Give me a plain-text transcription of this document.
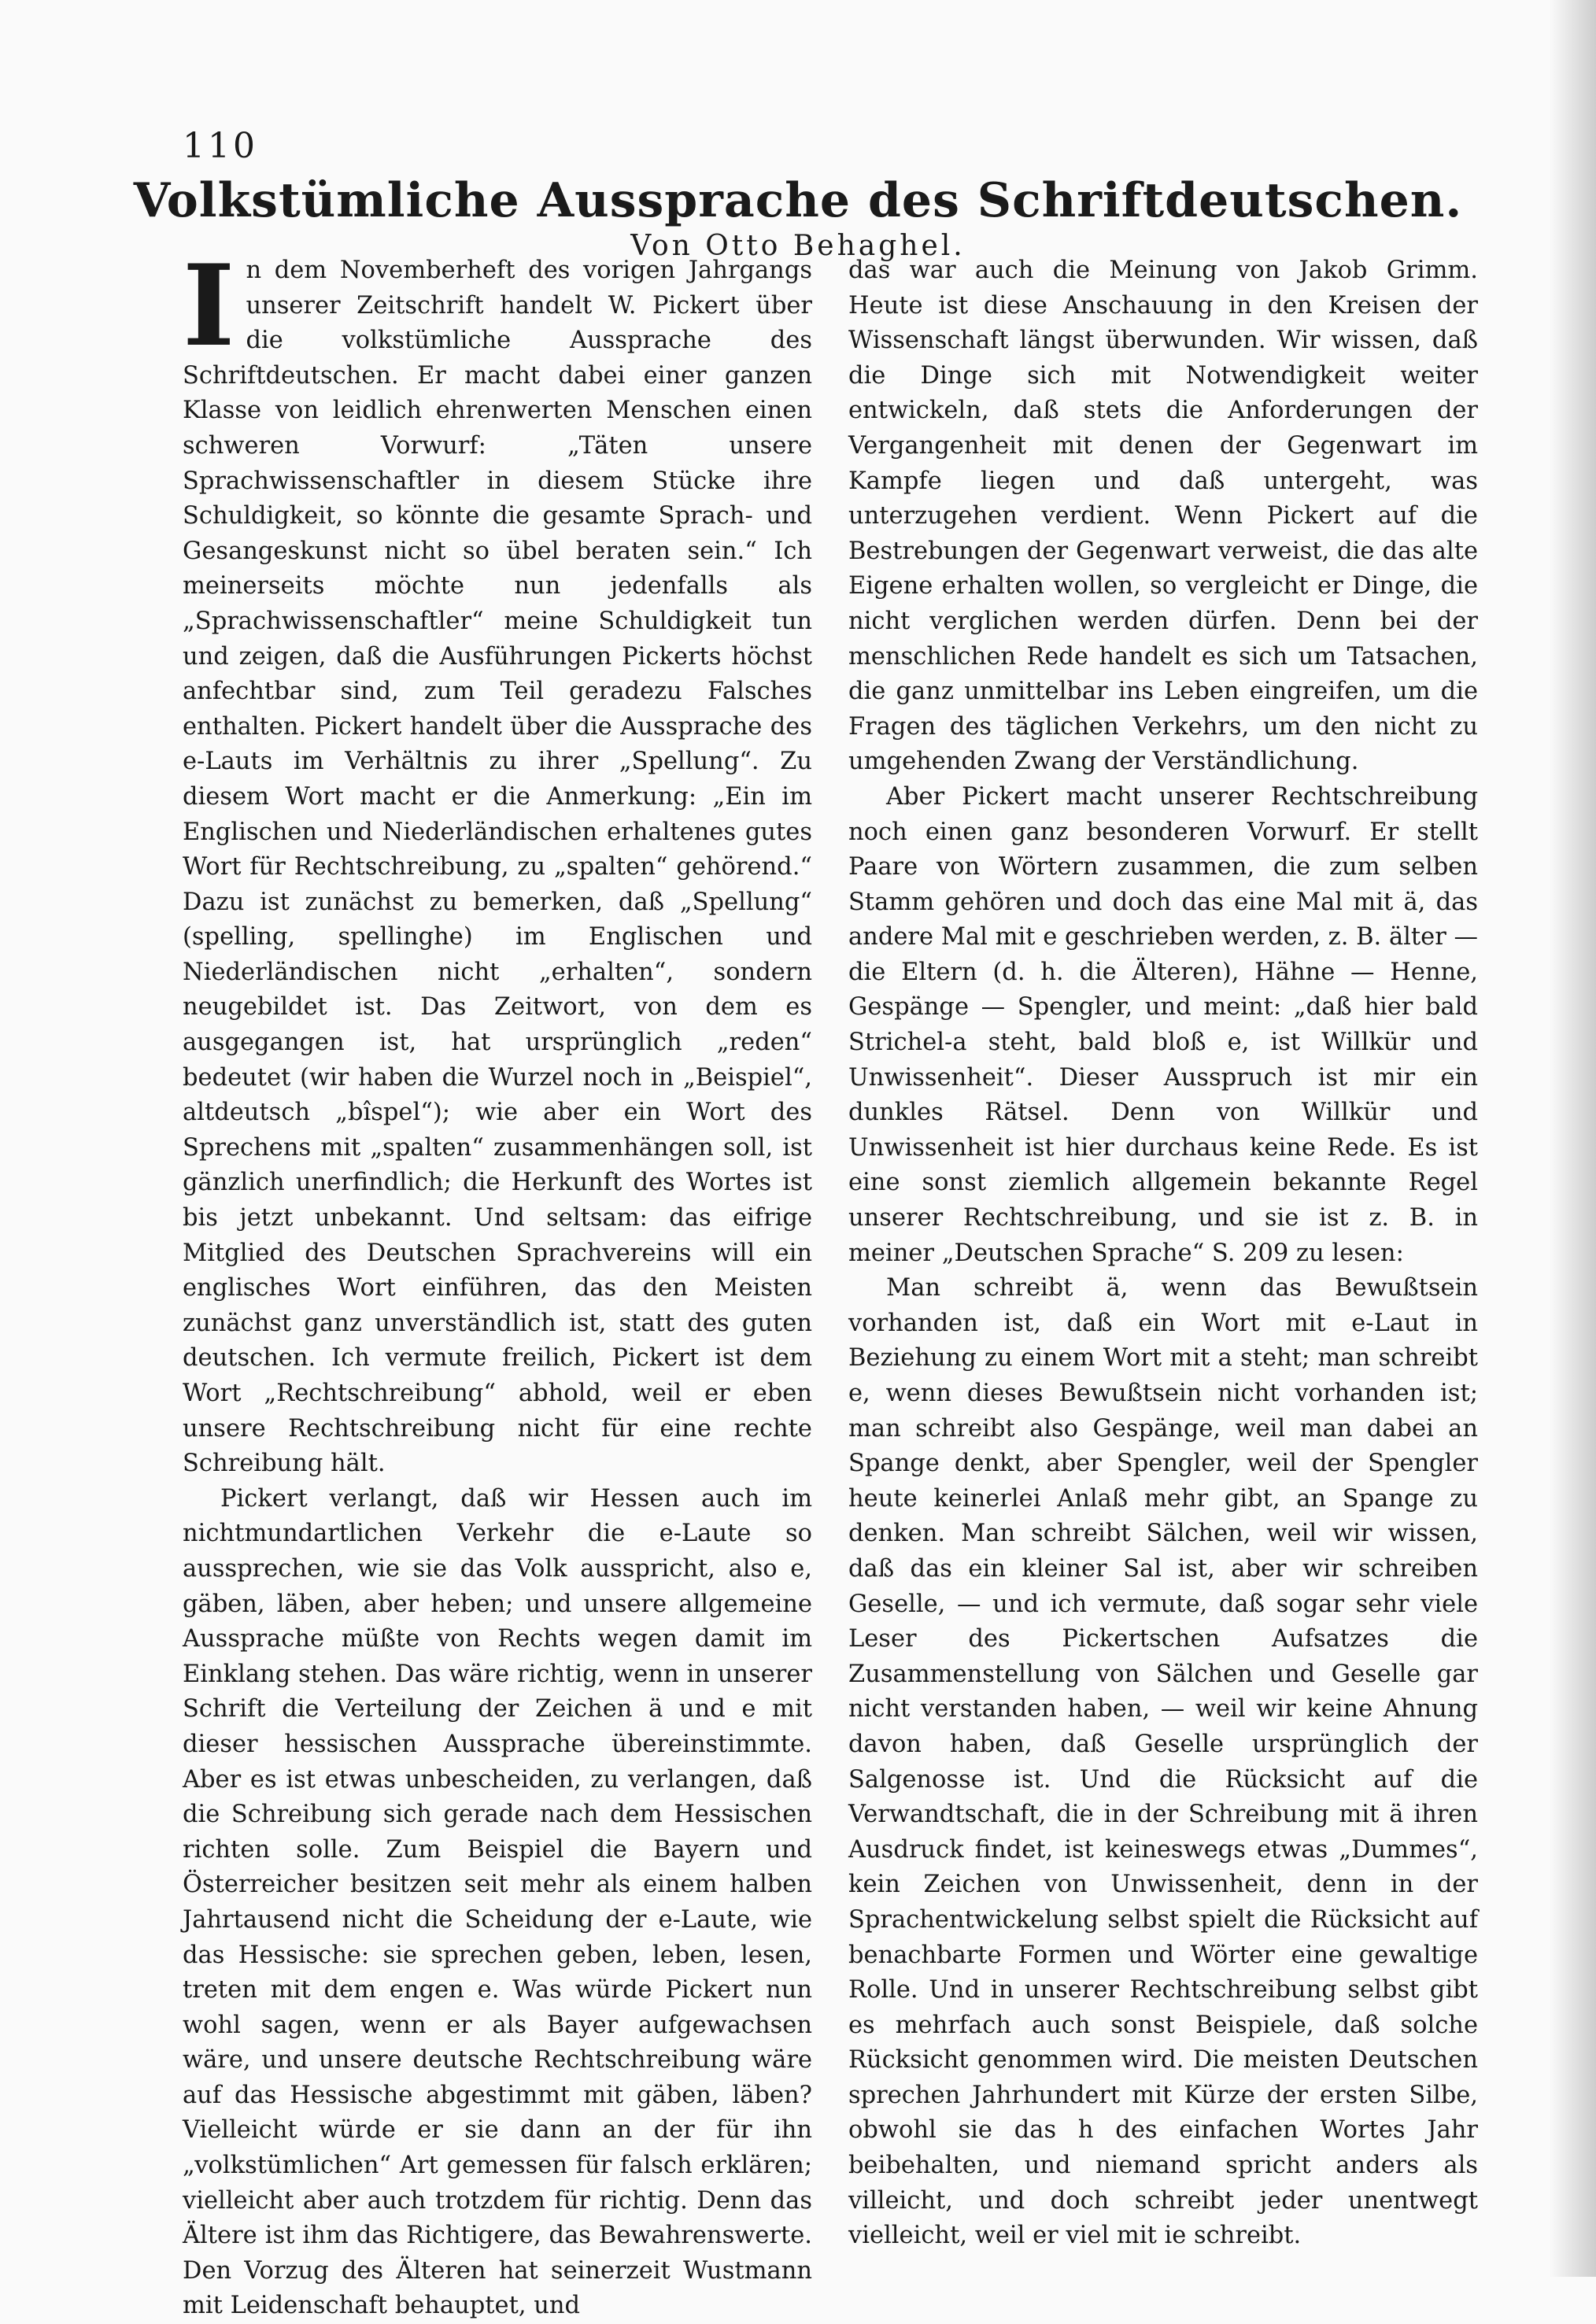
110
Volkstümliche Aussprache des Schriftdeutschen.
Von Otto Behaghel.

In dem Novemberheft des vorigen Jahrgangs unserer Zeitschrift handelt W. Pickert über die volkstümliche Aussprache des Schriftdeutschen. Er macht dabei einer ganzen Klasse von leidlich ehrenwerten Menschen einen schweren Vorwurf: „Täten unsere Sprachwissenschaftler in diesem Stücke ihre Schuldigkeit, so könnte die gesamte Sprach- und Gesangeskunst nicht so übel beraten sein.“ Ich meinerseits möchte nun jedenfalls als „Sprachwissenschaftler“ meine Schuldigkeit tun und zeigen, daß die Ausführungen Pickerts höchst anfechtbar sind, zum Teil geradezu Falsches enthalten. Pickert handelt über die Aussprache des e-Lauts im Verhältnis zu ihrer „Spellung“. Zu diesem Wort macht er die Anmerkung: „Ein im Englischen und Niederländischen erhaltenes gutes Wort für Rechtschreibung, zu „spalten“ gehörend.“ Dazu ist zunächst zu bemerken, daß „Spellung“ (spelling, spellinghe) im Englischen und Niederländischen nicht „erhalten“, sondern neugebildet ist. Das Zeitwort, von dem es ausgegangen ist, hat ursprünglich „reden“ bedeutet (wir haben die Wurzel noch in „Beispiel“, altdeutsch „bîspel“); wie aber ein Wort des Sprechens mit „spalten“ zusammenhängen soll, ist gänzlich unerfindlich; die Herkunft des Wortes ist bis jetzt unbekannt. Und seltsam: das eifrige Mitglied des Deutschen Sprachvereins will ein englisches Wort einführen, das den Meisten zunächst ganz unverständlich ist, statt des guten deutschen. Ich vermute freilich, Pickert ist dem Wort „Rechtschreibung“ abhold, weil er eben unsere Rechtschreibung nicht für eine rechte Schreibung hält.

Pickert verlangt, daß wir Hessen auch im nichtmundartlichen Verkehr die e-Laute so aussprechen, wie sie das Volk ausspricht, also e, gäben, läben, aber heben; und unsere allgemeine Aussprache müßte von Rechts wegen damit im Einklang stehen. Das wäre richtig, wenn in unserer Schrift die Verteilung der Zeichen ä und e mit dieser hessischen Aussprache übereinstimmte. Aber es ist etwas unbescheiden, zu verlangen, daß die Schreibung sich gerade nach dem Hessischen richten solle. Zum Beispiel die Bayern und Österreicher besitzen seit mehr als einem halben Jahrtausend nicht die Scheidung der e-Laute, wie das Hessische: sie sprechen geben, leben, lesen, treten mit dem engen e. Was würde Pickert nun wohl sagen, wenn er als Bayer aufgewachsen wäre, und unsere deutsche Rechtschreibung wäre auf das Hessische abgestimmt mit gäben, läben? Vielleicht würde er sie dann an der für ihn „volkstümlichen“ Art gemessen für falsch erklären; vielleicht aber auch trotzdem für richtig. Denn das Ältere ist ihm das Richtigere, das Bewahrenswerte. Den Vorzug des Älteren hat seinerzeit Wustmann mit Leidenschaft behauptet, und

das war auch die Meinung von Jakob Grimm. Heute ist diese Anschauung in den Kreisen der Wissenschaft längst überwunden. Wir wissen, daß die Dinge sich mit Notwendigkeit weiter entwickeln, daß stets die Anforderungen der Vergangenheit mit denen der Gegenwart im Kampfe liegen und daß untergeht, was unterzugehen verdient. Wenn Pickert auf die Bestrebungen der Gegenwart verweist, die das alte Eigene erhalten wollen, so vergleicht er Dinge, die nicht verglichen werden dürfen. Denn bei der menschlichen Rede handelt es sich um Tatsachen, die ganz unmittelbar ins Leben eingreifen, um die Fragen des täglichen Verkehrs, um den nicht zu umgehenden Zwang der Verständlichung.

Aber Pickert macht unserer Rechtschreibung noch einen ganz besonderen Vorwurf. Er stellt Paare von Wörtern zusammen, die zum selben Stamm gehören und doch das eine Mal mit ä, das andere Mal mit e geschrieben werden, z. B. älter — die Eltern (d. h. die Älteren), Hähne — Henne, Gespänge — Spengler, und meint: „daß hier bald Strichel-a steht, bald bloß e, ist Willkür und Unwissenheit“. Dieser Ausspruch ist mir ein dunkles Rätsel. Denn von Willkür und Unwissenheit ist hier durchaus keine Rede. Es ist eine sonst ziemlich allgemein bekannte Regel unserer Rechtschreibung, und sie ist z. B. in meiner „Deutschen Sprache“ S. 209 zu lesen:

Man schreibt ä, wenn das Bewußtsein vorhanden ist, daß ein Wort mit e-Laut in Beziehung zu einem Wort mit a steht; man schreibt e, wenn dieses Bewußtsein nicht vorhanden ist; man schreibt also Gespänge, weil man dabei an Spange denkt, aber Spengler, weil der Spengler heute keinerlei Anlaß mehr gibt, an Spange zu denken. Man schreibt Sälchen, weil wir wissen, daß das ein kleiner Sal ist, aber wir schreiben Geselle, — und ich vermute, daß sogar sehr viele Leser des Pickertschen Aufsatzes die Zusammenstellung von Sälchen und Geselle gar nicht verstanden haben, — weil wir keine Ahnung davon haben, daß Geselle ursprünglich der Salgenosse ist. Und die Rücksicht auf die Verwandtschaft, die in der Schreibung mit ä ihren Ausdruck findet, ist keineswegs etwas „Dummes“, kein Zeichen von Unwissenheit, denn in der Sprachentwickelung selbst spielt die Rücksicht auf benachbarte Formen und Wörter eine gewaltige Rolle. Und in unserer Rechtschreibung selbst gibt es mehrfach auch sonst Beispiele, daß solche Rücksicht genommen wird. Die meisten Deutschen sprechen Jahrhundert mit Kürze der ersten Silbe, obwohl sie das h des einfachen Wortes Jahr beibehalten, und niemand spricht anders als villeicht, und doch schreibt jeder unentwegt vielleicht, weil er viel mit ie schreibt.
